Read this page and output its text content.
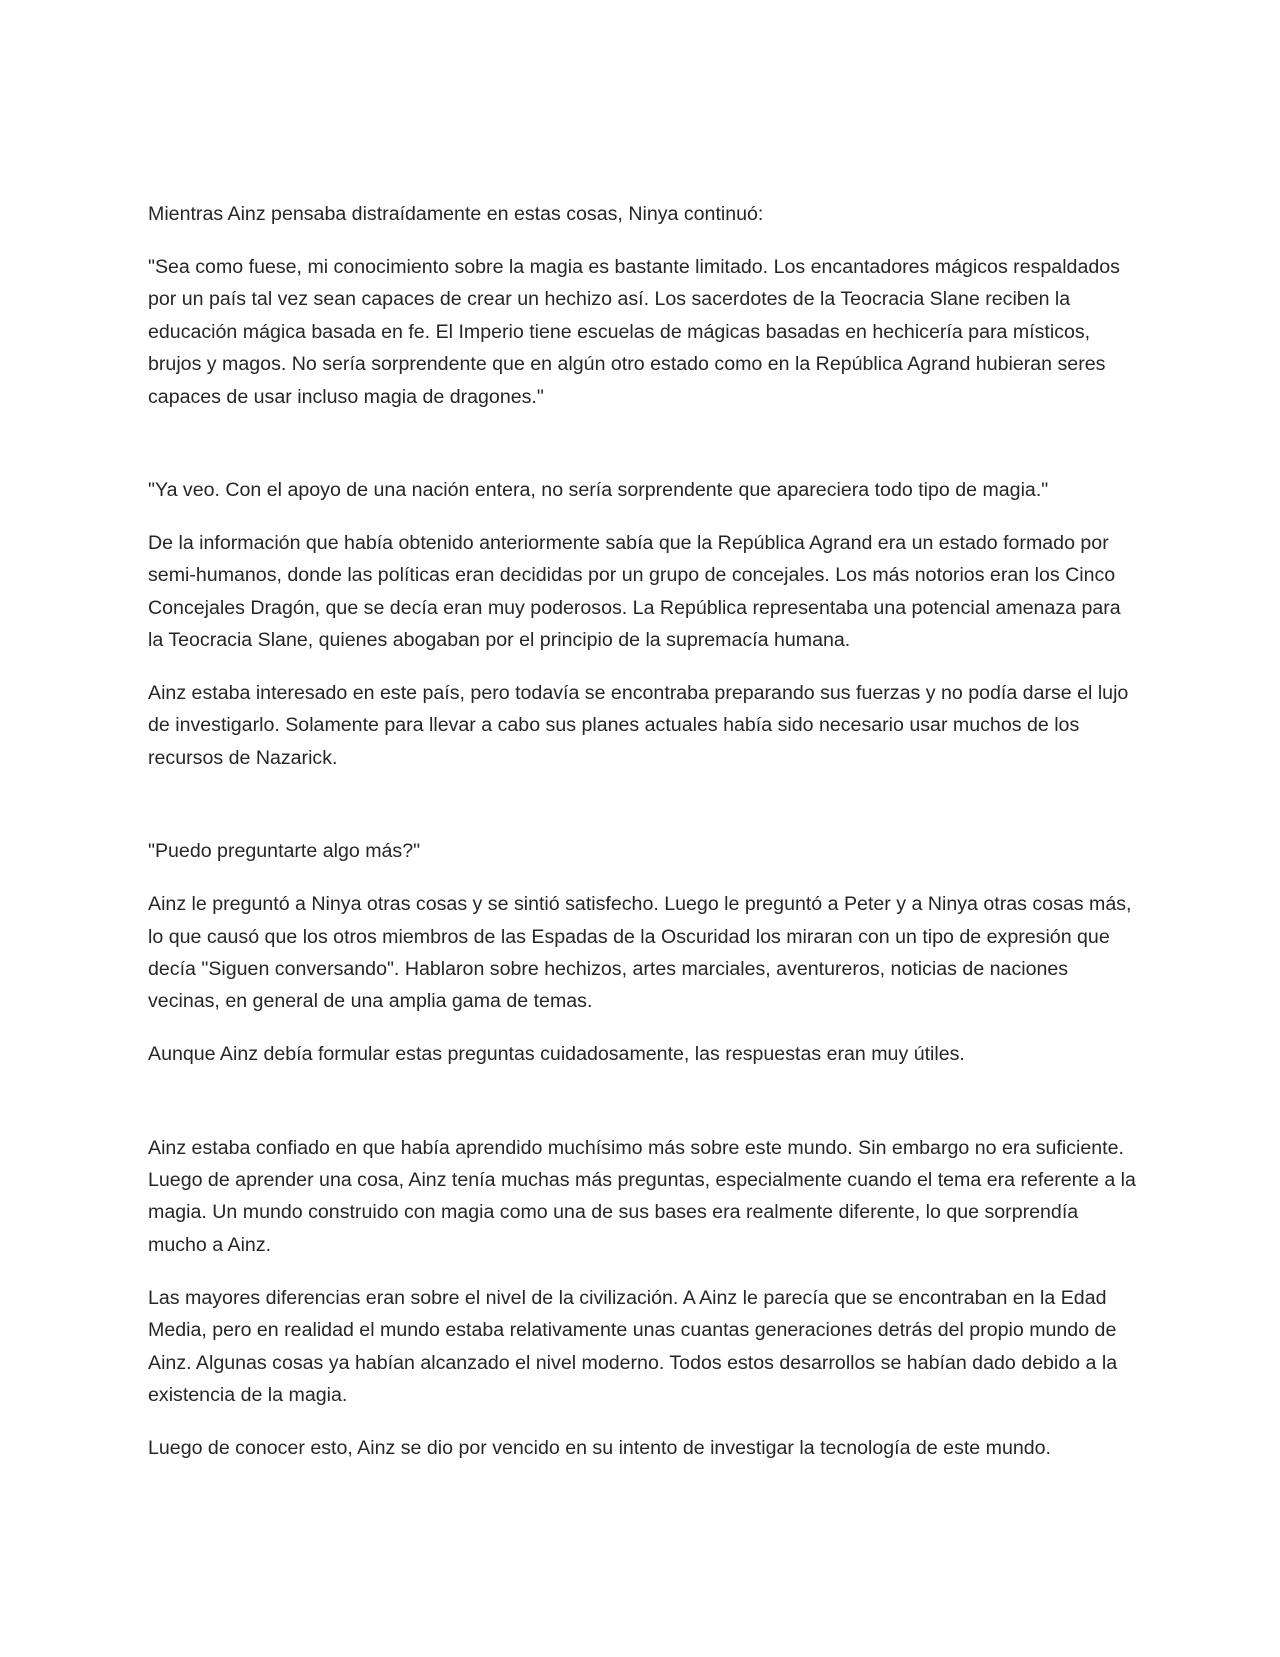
Mientras Ainz pensaba distraídamente en estas cosas, Ninya continuó:

"Sea como fuese, mi conocimiento sobre la magia es bastante limitado. Los encantadores mágicos respaldados por un país tal vez sean capaces de crear un hechizo así. Los sacerdotes de la Teocracia Slane reciben la educación mágica basada en fe. El Imperio tiene escuelas de mágicas basadas en hechicería para místicos, brujos y magos. No sería sorprendente que en algún otro estado como en la República Agrand hubieran seres capaces de usar incluso magia de dragones."

"Ya veo. Con el apoyo de una nación entera, no sería sorprendente que apareciera todo tipo de magia."

De la información que había obtenido anteriormente sabía que la República Agrand era un estado formado por semi-humanos, donde las políticas eran decididas por un grupo de concejales. Los más notorios eran los Cinco Concejales Dragón, que se decía eran muy poderosos. La República representaba una potencial amenaza para la Teocracia Slane, quienes abogaban por el principio de la supremacía humana.

Ainz estaba interesado en este país, pero todavía se encontraba preparando sus fuerzas y no podía darse el lujo de investigarlo. Solamente para llevar a cabo sus planes actuales había sido necesario usar muchos de los recursos de Nazarick.

"Puedo preguntarte algo más?"

Ainz le preguntó a Ninya otras cosas y se sintió satisfecho. Luego le preguntó a Peter y a Ninya otras cosas más, lo que causó que los otros miembros de las Espadas de la Oscuridad los miraran con un tipo de expresión que decía "Siguen conversando". Hablaron sobre hechizos, artes marciales, aventureros, noticias de naciones vecinas, en general de una amplia gama de temas.

Aunque Ainz debía formular estas preguntas cuidadosamente, las respuestas eran muy útiles.

Ainz estaba confiado en que había aprendido muchísimo más sobre este mundo. Sin embargo no era suficiente. Luego de aprender una cosa, Ainz tenía muchas más preguntas, especialmente cuando el tema era referente a la magia. Un mundo construido con magia como una de sus bases era realmente diferente, lo que sorprendía mucho a Ainz.

Las mayores diferencias eran sobre el nivel de la civilización. A Ainz le parecía que se encontraban en la Edad Media, pero en realidad el mundo estaba relativamente unas cuantas generaciones detrás del propio mundo de Ainz. Algunas cosas ya habían alcanzado el nivel moderno. Todos estos desarrollos se habían dado debido a la existencia de la magia.

Luego de conocer esto, Ainz se dio por vencido en su intento de investigar la tecnología de este mundo.
